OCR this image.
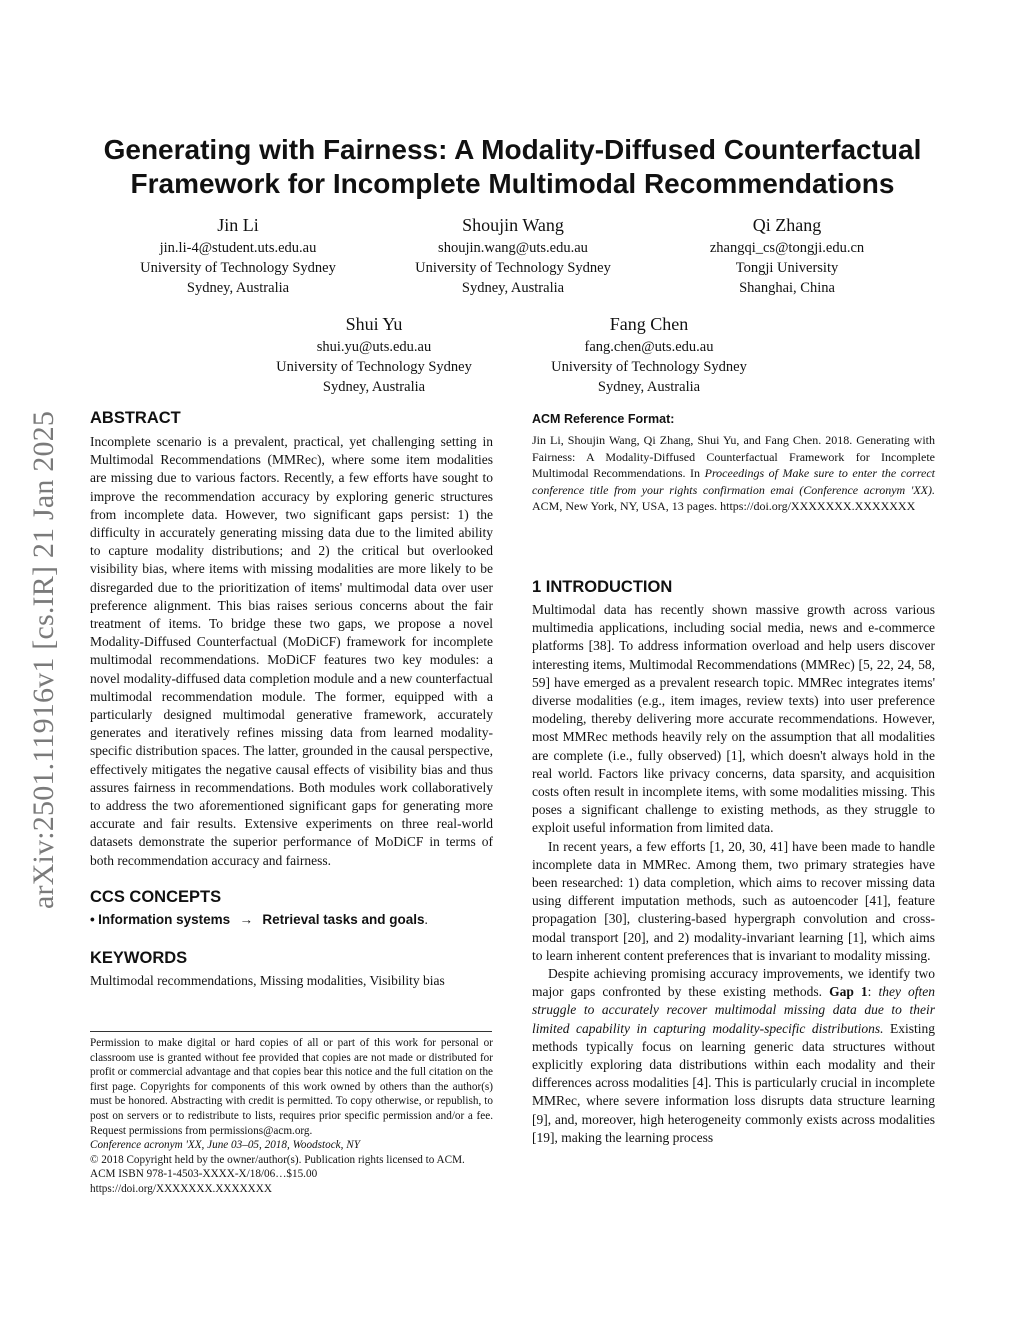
arXiv:2501.11916v1 [cs.IR] 21 Jan 2025
Generating with Fairness: A Modality-Diffused Counterfactual
Framework for Incomplete Multimodal Recommendations
Jin Li
jin.li-4@student.uts.edu.au
University of Technology Sydney
Sydney, Australia
Shoujin Wang
shoujin.wang@uts.edu.au
University of Technology Sydney
Sydney, Australia
Qi Zhang
zhangqi_cs@tongji.edu.cn
Tongji University
Shanghai, China
Shui Yu
shui.yu@uts.edu.au
University of Technology Sydney
Sydney, Australia
Fang Chen
fang.chen@uts.edu.au
University of Technology Sydney
Sydney, Australia
ABSTRACT

Incomplete scenario is a prevalent, practical, yet challenging setting in Multimodal Recommendations (MMRec), where some item modalities are missing due to various factors. Recently, a few efforts have sought to improve the recommendation accuracy by exploring generic structures from incomplete data. However, two significant gaps persist: 1) the difficulty in accurately generating missing data due to the limited ability to capture modality distributions; and 2) the critical but overlooked visibility bias, where items with missing modalities are more likely to be disregarded due to the prioritization of items' multimodal data over user preference alignment. This bias raises serious concerns about the fair treatment of items. To bridge these two gaps, we propose a novel Modality-Diffused Counterfactual (MoDiCF) framework for incomplete multimodal recommendations. MoDiCF features two key modules: a novel modality-diffused data completion module and a new counterfactual multimodal recommendation module. The former, equipped with a particularly designed multimodal generative framework, accurately generates and iteratively refines missing data from learned modality-specific distribution spaces. The latter, grounded in the causal perspective, effectively mitigates the negative causal effects of visibility bias and thus assures fairness in recommendations. Both modules work collaboratively to address the two aforementioned significant gaps for generating more accurate and fair results. Extensive experiments on three real-world datasets demonstrate the superior performance of MoDiCF in terms of both recommendation accuracy and fairness.

CCS CONCEPTS

• Information systems → Retrieval tasks and goals.

KEYWORDS

Multimodal recommendations, Missing modalities, Visibility bias

Permission to make digital or hard copies of all or part of this work for personal or classroom use is granted without fee provided that copies are not made or distributed for profit or commercial advantage and that copies bear this notice and the full citation on the first page. Copyrights for components of this work owned by others than the author(s) must be honored. Abstracting with credit is permitted. To copy otherwise, or republish, to post on servers or to redistribute to lists, requires prior specific permission and/or a fee. Request permissions from permissions@acm.org.

Conference acronym 'XX, June 03–05, 2018, Woodstock, NY

© 2018 Copyright held by the owner/author(s). Publication rights licensed to ACM.

ACM ISBN 978-1-4503-XXXX-X/18/06…$15.00

https://doi.org/XXXXXXX.XXXXXXX

ACM Reference Format:
Jin Li, Shoujin Wang, Qi Zhang, Shui Yu, and Fang Chen. 2018. Generating with Fairness: A Modality-Diffused Counterfactual Framework for Incomplete Multimodal Recommendations. In Proceedings of Make sure to enter the correct conference title from your rights confirmation emai (Conference acronym 'XX). ACM, New York, NY, USA, 13 pages. https://doi.org/XXXXXXX.XXXXXXX
1 INTRODUCTION

Multimodal data has recently shown massive growth across various multimedia applications, including social media, news and e-commerce platforms [38]. To address information overload and help users discover interesting items, Multimodal Recommendations (MMRec) [5, 22, 24, 58, 59] have emerged as a prevalent research topic. MMRec integrates items' diverse modalities (e.g., item images, review texts) into user preference modeling, thereby delivering more accurate recommendations. However, most MMRec methods heavily rely on the assumption that all modalities are complete (i.e., fully observed) [1], which doesn't always hold in the real world. Factors like privacy concerns, data sparsity, and acquisition costs often result in incomplete items, with some modalities missing. This poses a significant challenge to existing methods, as they struggle to exploit useful information from limited data.

In recent years, a few efforts [1, 20, 30, 41] have been made to handle incomplete data in MMRec. Among them, two primary strategies have been researched: 1) data completion, which aims to recover missing data using different imputation methods, such as autoencoder [41], feature propagation [30], clustering-based hypergraph convolution and cross-modal transport [20], and 2) modality-invariant learning [1], which aims to learn inherent content preferences that is invariant to modality missing.

Despite achieving promising accuracy improvements, we identify two major gaps confronted by these existing methods. Gap 1: they often struggle to accurately recover multimodal missing data due to their limited capability in capturing modality-specific distributions. Existing methods typically focus on learning generic data structures without explicitly exploring data distributions within each modality and their differences across modalities [4]. This is particularly crucial in incomplete MMRec, where severe information loss disrupts data structure learning [9], and, moreover, high heterogeneity commonly exists across modalities [19], making the learning process
